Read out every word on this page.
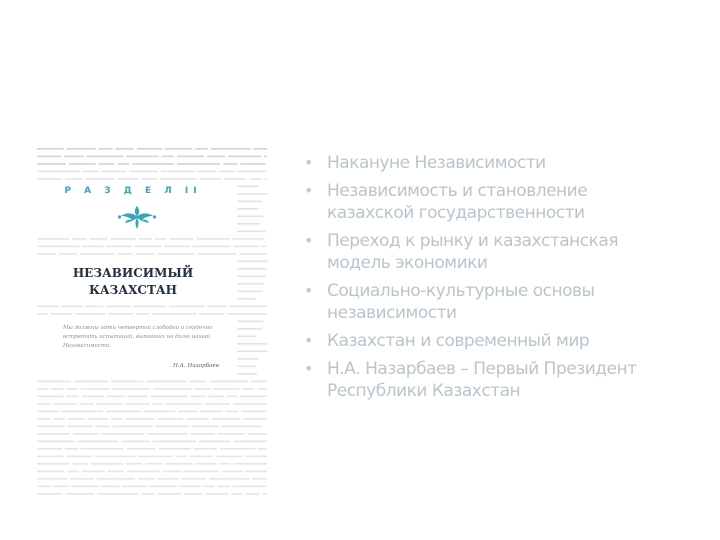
Р А З Д Е Л II
НЕЗАВИСИМЫЙ
КАЗАХСТАН
Мы должны идти четвертой слободой и сердечно встретить испытаний, выпавших на долю нашей Независимости.
Н.А. Назарбаев
• Накануне Независимости
• Независимость и становление
казахской государственности
• Переход к рынку и казахстанская
модель экономики
• Социально-культурные основы
независимости
• Казахстан и современный мир
• Н.А. Назарбаев – Первый Президент
Республики Казахстан
